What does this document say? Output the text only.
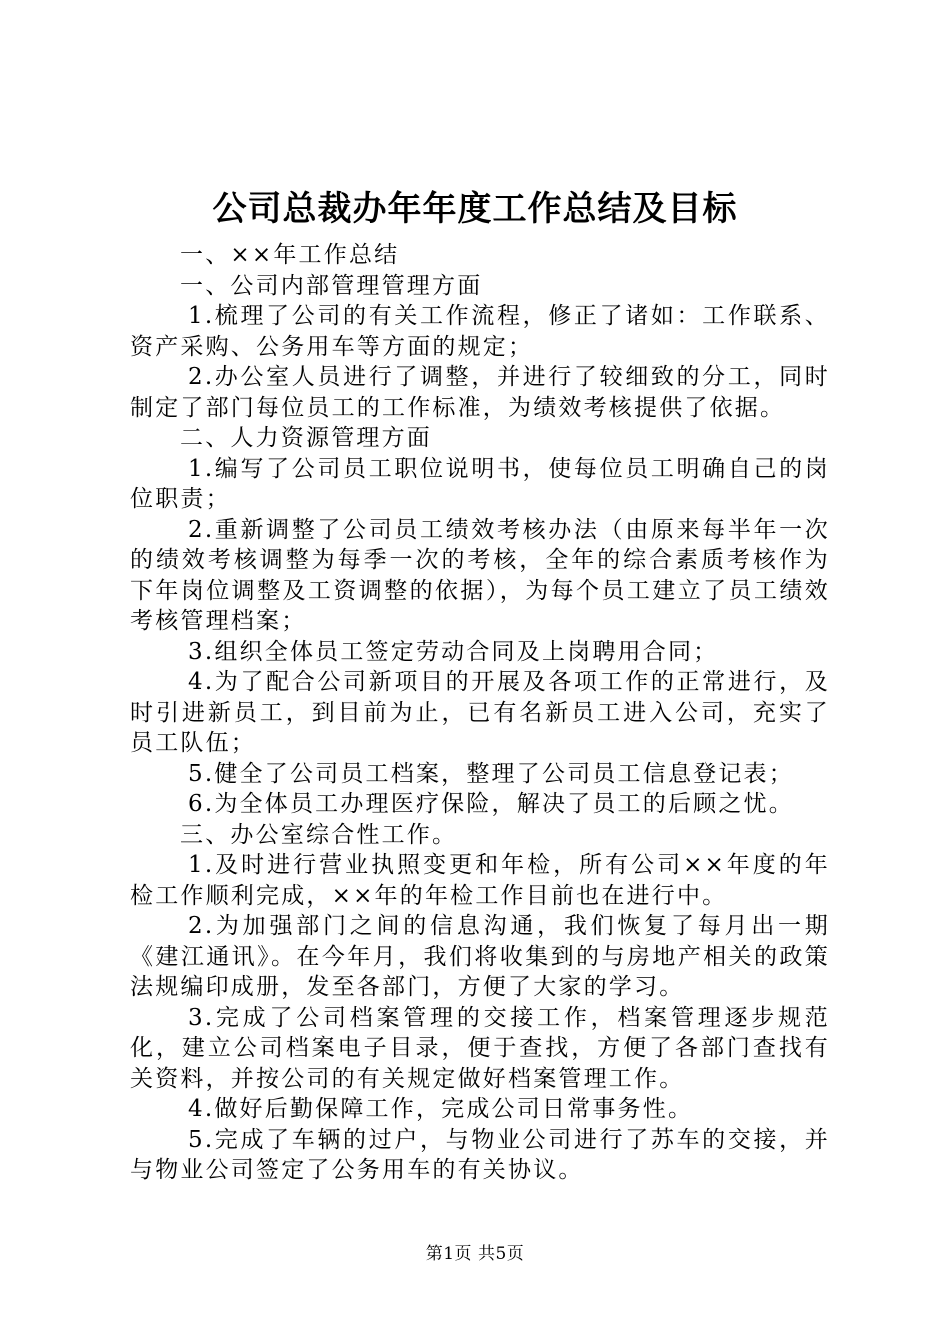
公司总裁办年年度工作总结及目标

一、××年工作总结

一、公司内部管理管理方面

1.梳理了公司的有关工作流程，修正了诸如：工作联系、资产采购、公务用车等方面的规定；

2.办公室人员进行了调整，并进行了较细致的分工，同时制定了部门每位员工的工作标准，为绩效考核提供了依据。

二、人力资源管理方面

1.编写了公司员工职位说明书，使每位员工明确自己的岗位职责；

2.重新调整了公司员工绩效考核办法（由原来每半年一次的绩效考核调整为每季一次的考核，全年的综合素质考核作为下年岗位调整及工资调整的依据），为每个员工建立了员工绩效考核管理档案；

3.组织全体员工签定劳动合同及上岗聘用合同；

4.为了配合公司新项目的开展及各项工作的正常进行，及时引进新员工，到目前为止，已有名新员工进入公司，充实了员工队伍；

5.健全了公司员工档案，整理了公司员工信息登记表；

6.为全体员工办理医疗保险，解决了员工的后顾之忧。

三、办公室综合性工作。

1.及时进行营业执照变更和年检，所有公司××年度的年检工作顺利完成，××年的年检工作目前也在进行中。

2.为加强部门之间的信息沟通，我们恢复了每月出一期《建江通讯》。在今年月，我们将收集到的与房地产相关的政策法规编印成册，发至各部门，方便了大家的学习。

3.完成了公司档案管理的交接工作，档案管理逐步规范化，建立公司档案电子目录，便于查找，方便了各部门查找有关资料，并按公司的有关规定做好档案管理工作。

4.做好后勤保障工作，完成公司日常事务性。

5.完成了车辆的过户，与物业公司进行了苏车的交接，并与物业公司签定了公务用车的有关协议。

第1页 共5页
